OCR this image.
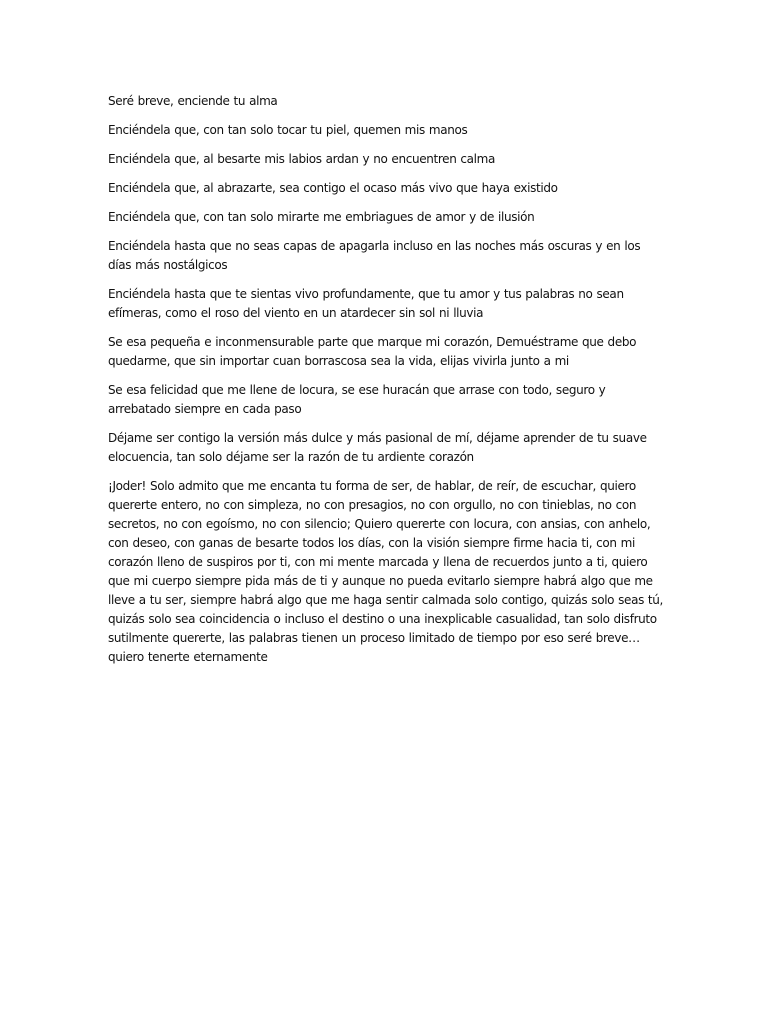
Seré breve, enciende tu alma

Enciéndela que, con tan solo tocar tu piel, quemen mis manos

Enciéndela que, al besarte mis labios ardan y no encuentren calma

Enciéndela que, al abrazarte, sea contigo el ocaso más vivo que haya existido

Enciéndela que, con tan solo mirarte me embriagues de amor y de ilusión

Enciéndela hasta que no seas capas de apagarla incluso en las noches más oscuras y en los días más nostálgicos

Enciéndela hasta que te sientas vivo profundamente, que tu amor y tus palabras no sean efímeras, como el roso del viento en un atardecer sin sol ni lluvia

Se esa pequeña e inconmensurable parte que marque mi corazón, Demuéstrame que debo quedarme, que sin importar cuan borrascosa sea la vida, elijas vivirla junto a mi

Se esa felicidad que me llene de locura, se ese huracán que arrase con todo, seguro y arrebatado siempre en cada paso

Déjame ser contigo la versión más dulce y más pasional de mí, déjame aprender de tu suave elocuencia, tan solo déjame ser la razón de tu ardiente corazón

¡Joder! Solo admito que me encanta tu forma de ser, de hablar, de reír, de escuchar, quiero quererte entero, no con simpleza, no con presagios, no con orgullo, no con tinieblas, no con secretos, no con egoísmo, no con silencio; Quiero quererte con locura, con ansias, con anhelo, con deseo, con ganas de besarte todos los días, con la visión siempre firme hacia ti, con mi corazón lleno de suspiros por ti, con mi mente marcada y llena de recuerdos junto a ti, quiero que mi cuerpo siempre pida más de ti y aunque no pueda evitarlo siempre habrá algo que me lleve a tu ser, siempre habrá algo que me haga sentir calmada solo contigo, quizás solo seas tú, quizás solo sea coincidencia o incluso el destino o una inexplicable casualidad, tan solo disfruto sutilmente quererte, las palabras tienen un proceso limitado de tiempo por eso seré breve… quiero tenerte eternamente
